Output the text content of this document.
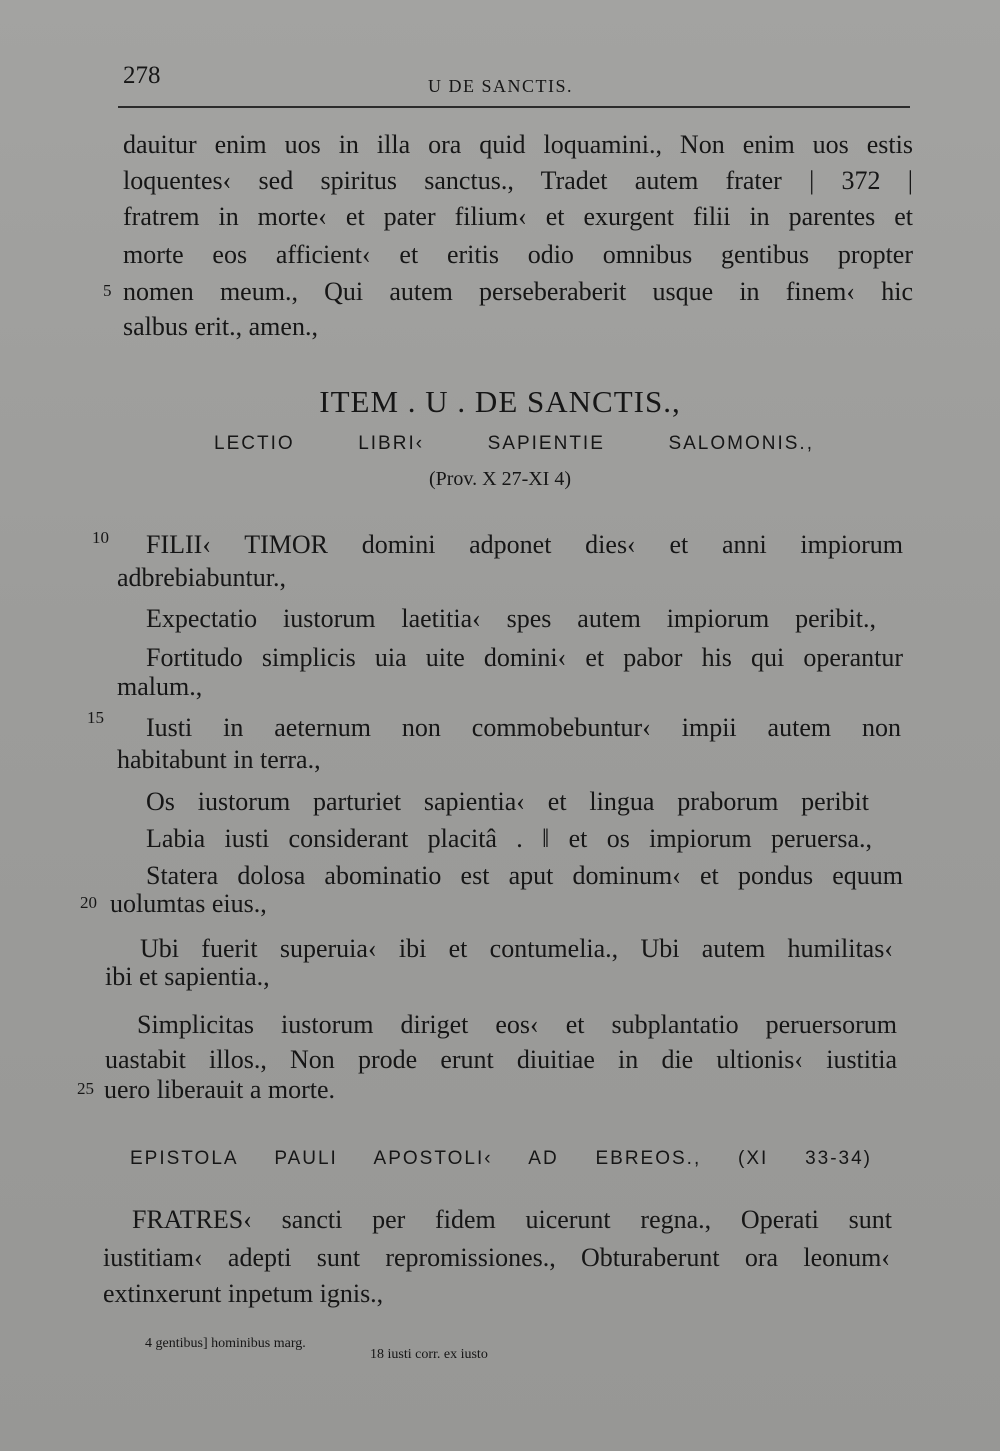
278	U DE SANCTIS.
dauitur enim uos in illa ora quid loquamini., Non enim uos estis
loquentes‹ sed spiritus sanctus., Tradet autem frater | 372 |
fratrem in morte‹ et pater filium‹ et exurgent filii in parentes et
morte eos afficient‹ et eritis odio omnibus gentibus propter
5 nomen meum., Qui autem perseberaberit usque in finem‹ hic
salbus erit., amen.,
ITEM . U . DE SANCTIS.,
LECTIO LIBRI‹ SAPIENTIE SALOMONIS.,
(Prov. X 27-XI 4)
10 FILII‹ TIMOR domini adponet dies‹ et anni impiorum
adbrebiabuntur.,
Expectatio iustorum laetitia‹ spes autem impiorum peribit.,
Fortitudo simplicis uia uite domini‹ et pabor his qui operantur
malum.,
15 Iusti in aeternum non commobebuntur‹ impii autem non
habitabunt in terra.,
Os iustorum parturiet sapientia‹ et lingua praborum peribit
Labia iusti considerant placitâ . ‖ et os impiorum peruersa.,
Statera dolosa abominatio est aput dominum‹ et pondus equum
20 uolumtas eius.,
Ubi fuerit superuia‹ ibi et contumelia., Ubi autem humilitas‹
ibi et sapientia.,
Simplicitas iustorum diriget eos‹ et subplantatio peruersorum
uastabit illos., Non prode erunt diuitiae in die ultionis‹ iustitia
25 uero liberauit a morte.
EPISTOLA PAULI APOSTOLI‹ AD EBREOS., (XI 33-34)
FRATRES‹ sancti per fidem uicerunt regna., Operati sunt
iustitiam‹ adepti sunt repromissiones., Obturaberunt ora leonum‹
extinxerunt inpetum ignis.,
4 gentibus] hominibus marg.
18 iusti corr. ex iusto
